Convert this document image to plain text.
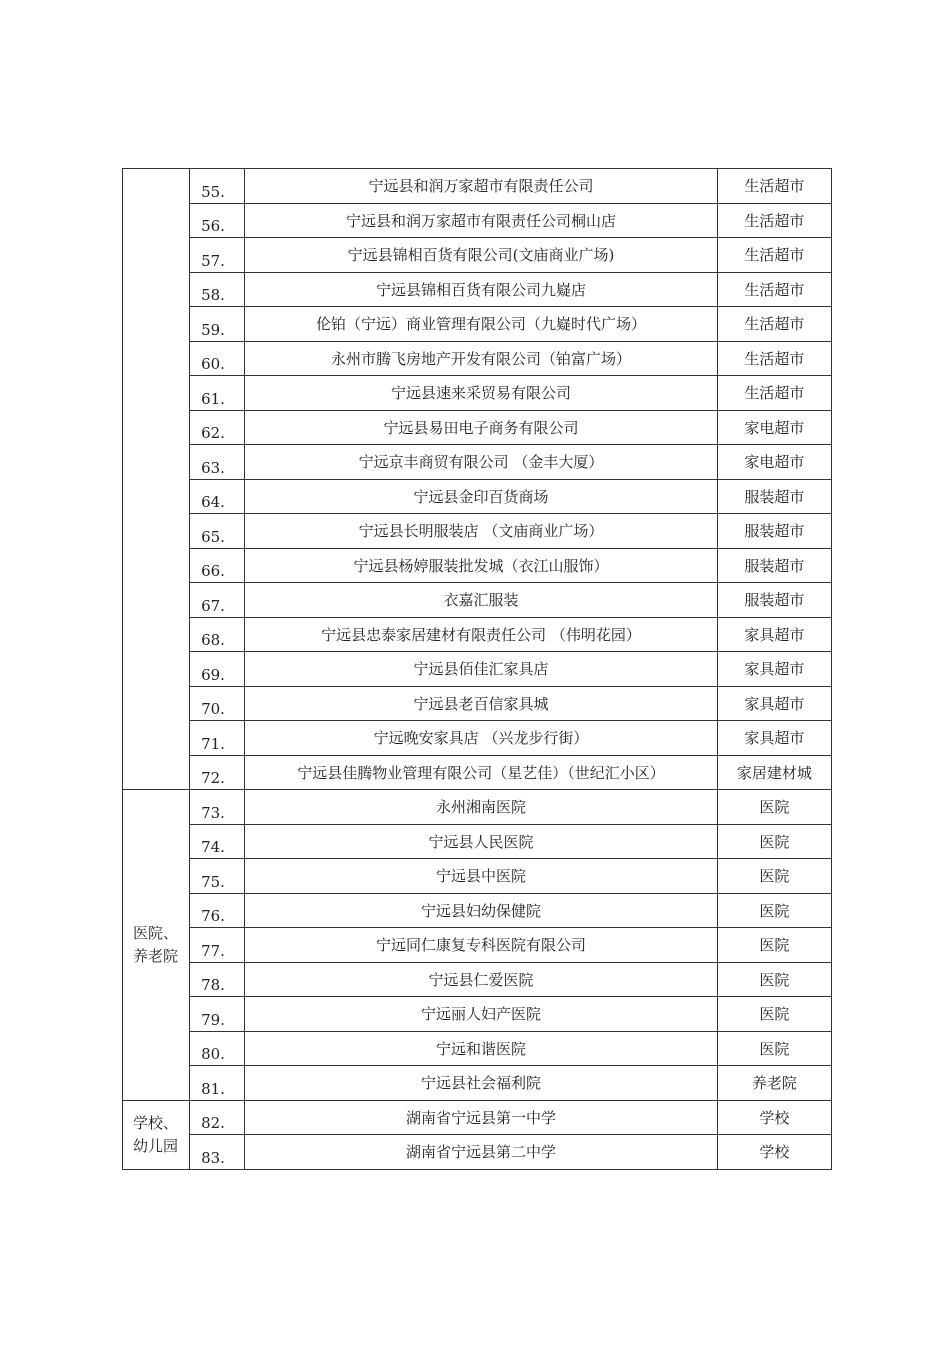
	55.	宁远县和润万家超市有限责任公司	生活超市
	56.	宁远县和润万家超市有限责任公司桐山店	生活超市
	57.	宁远县锦相百货有限公司(文庙商业广场)	生活超市
	58.	宁远县锦相百货有限公司九嶷店	生活超市
	59.	伦铂（宁远）商业管理有限公司（九嶷时代广场）	生活超市
	60.	永州市腾飞房地产开发有限公司（铂富广场）	生活超市
	61.	宁远县速来采贸易有限公司	生活超市
	62.	宁远县易田电子商务有限公司	家电超市
	63.	宁远京丰商贸有限公司 （金丰大厦）	家电超市
	64.	宁远县金印百货商场	服装超市
	65.	宁远县长明服装店 （文庙商业广场）	服装超市
	66.	宁远县杨婷服装批发城（衣江山服饰）	服装超市
	67.	衣嘉汇服装	服装超市
	68.	宁远县忠泰家居建材有限责任公司 （伟明花园）	家具超市
	69.	宁远县佰佳汇家具店	家具超市
	70.	宁远县老百信家具城	家具超市
	71.	宁远晚安家具店 （兴龙步行街）	家具超市
	72.	宁远县佳腾物业管理有限公司（星艺佳）（世纪汇小区）	家居建材城
医院、养老院	73.	永州湘南医院	医院
	74.	宁远县人民医院	医院
	75.	宁远县中医院	医院
	76.	宁远县妇幼保健院	医院
	77.	宁远同仁康复专科医院有限公司	医院
	78.	宁远县仁爱医院	医院
	79.	宁远丽人妇产医院	医院
	80.	宁远和谐医院	医院
	81.	宁远县社会福利院	养老院
学校、幼儿园	82.	湖南省宁远县第一中学	学校
	83.	湖南省宁远县第二中学	学校
